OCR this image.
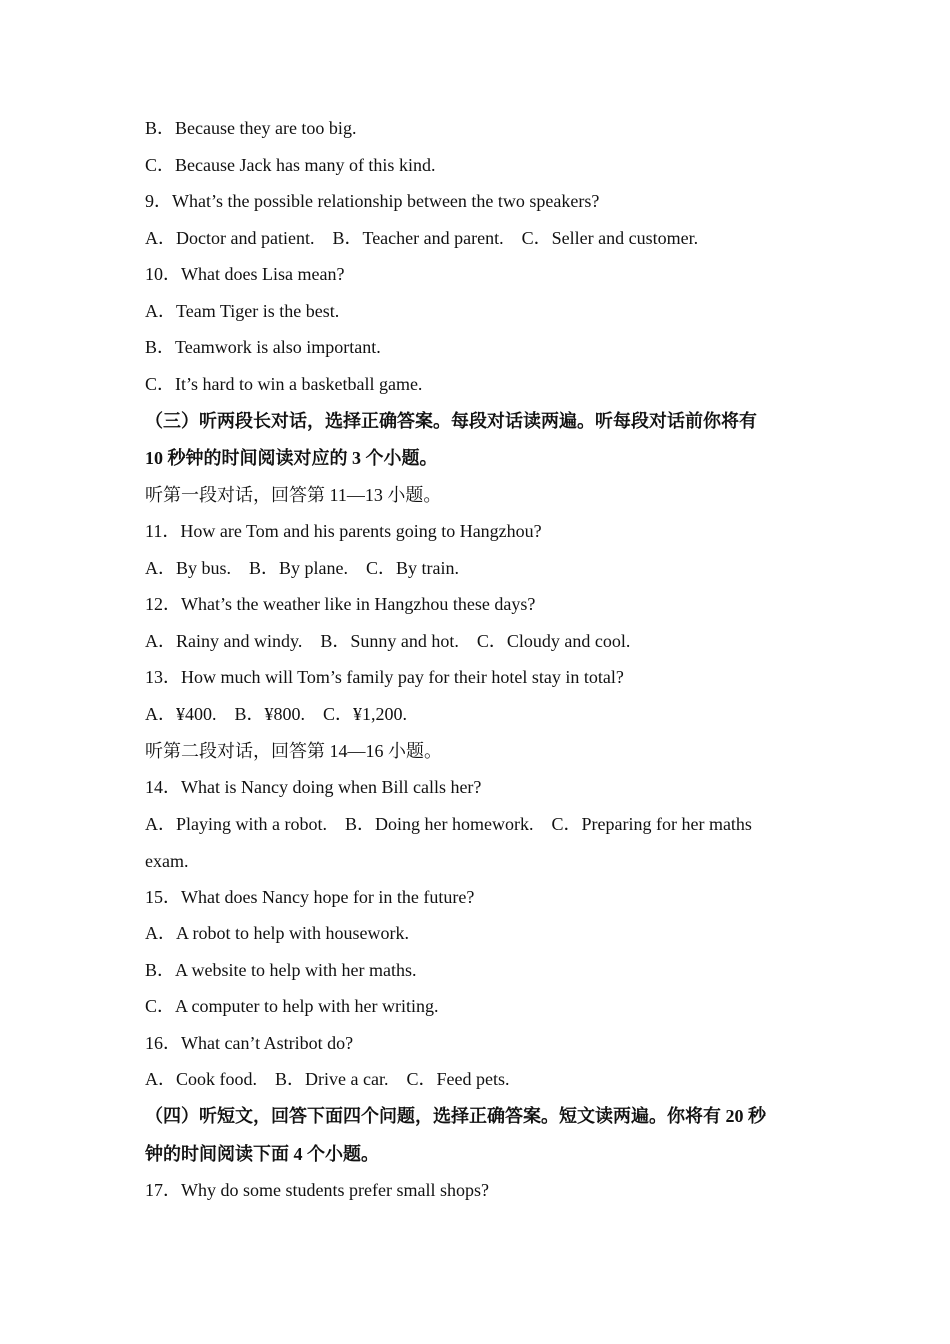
B．Because they are too big.
C．Because Jack has many of this kind.
9．What’s the possible relationship between the two speakers?
A．Doctor and patient. B．Teacher and parent. C．Seller and customer.
10．What does Lisa mean?
A．Team Tiger is the best.
B．Teamwork is also important.
C．It’s hard to win a basketball game.
（三）听两段长对话，选择正确答案。每段对话读两遍。听每段对话前你将有
10 秒钟的时间阅读对应的 3 个小题。
听第一段对话，回答第 11—13 小题。
11．How are Tom and his parents going to Hangzhou?
A．By bus. B．By plane. C．By train.
12．What’s the weather like in Hangzhou these days?
A．Rainy and windy. B．Sunny and hot. C．Cloudy and cool.
13．How much will Tom’s family pay for their hotel stay in total?
A．¥400. B．¥800. C．¥1,200.
听第二段对话，回答第 14—16 小题。
14．What is Nancy doing when Bill calls her?
A．Playing with a robot. B．Doing her homework. C．Preparing for her maths
exam.
15．What does Nancy hope for in the future?
A．A robot to help with housework.
B．A website to help with her maths.
C．A computer to help with her writing.
16．What can’t Astribot do?
A．Cook food. B．Drive a car. C．Feed pets.
（四）听短文，回答下面四个问题，选择正确答案。短文读两遍。你将有 20 秒
钟的时间阅读下面 4 个小题。
17．Why do some students prefer small shops?
